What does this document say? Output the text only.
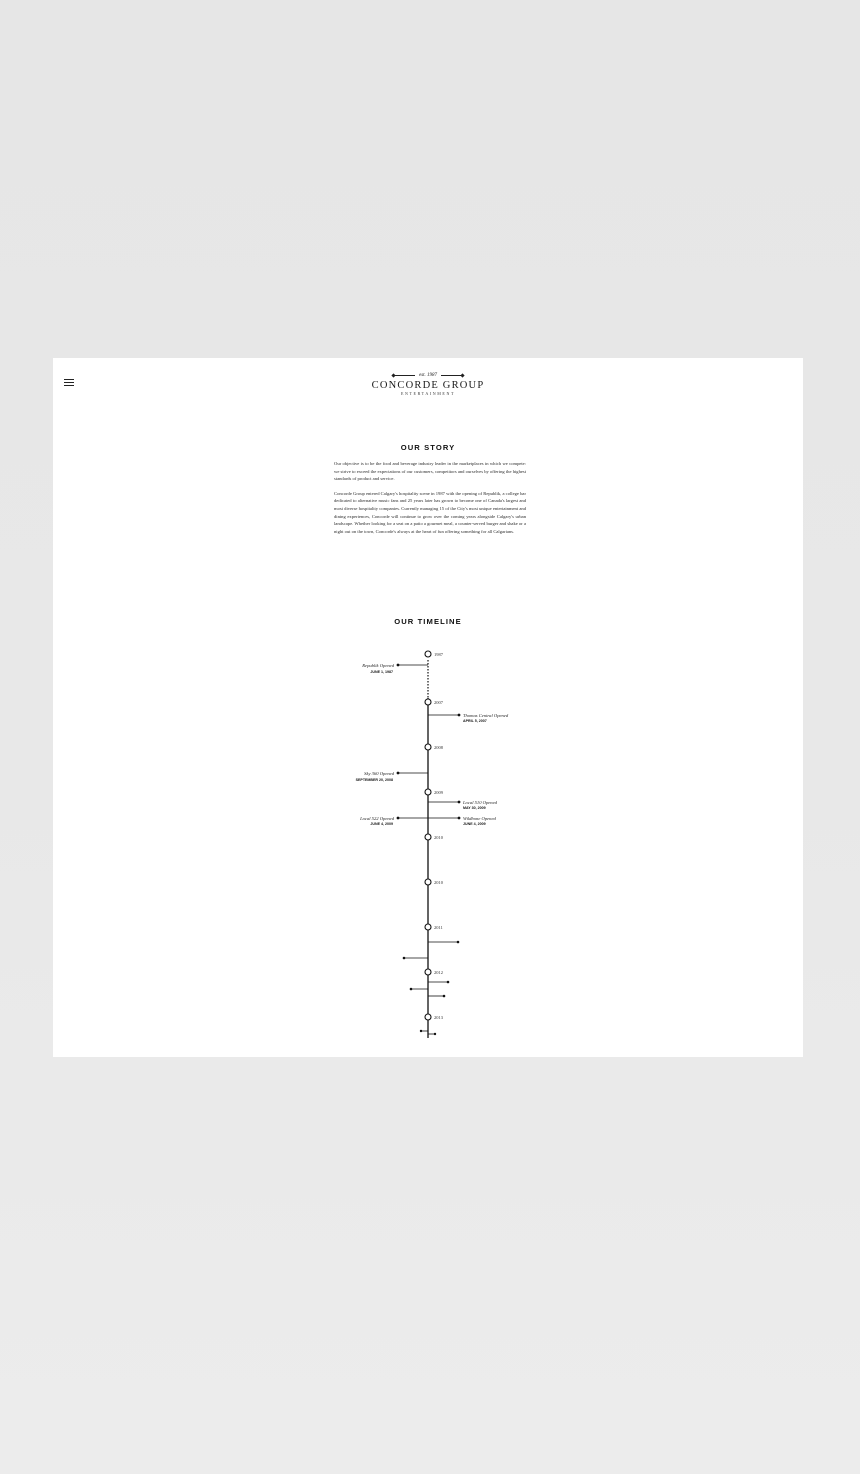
est. 1987
CONCORDE GROUP
ENTERTAINMENT
OUR STORY

Our objective is to be the food and beverage industry leader in the marketplaces in which we compete: we strive to exceed the expectations of our customers, competitors and ourselves by offering the highest standards of product and service.

Concorde Group entered Calgary's hospitality scene in 1987 with the opening of Republik, a college bar dedicated to alternative music fans and 25 years later has grown to become one of Canada's largest and most diverse hospitality companies. Currently managing 15 of the City's most unique entertainment and dining experiences, Concorde will continue to grow over the coming years alongside Calgary's urban landscape. Whether looking for a seat on a patio a gourmet meal, a counter-served burger and shake or a night out on the town, Concorde's always at the heart of fun offering something for all Calgarians.

OUR TIMELINE
1987
2007
2008
2009
2010
2010
2011
2012
2013
Republik Opened
JUNE 1, 1987
Thomas Central Opened
APRIL 5, 2007
Sky 360 Opened
SEPTEMBER 20, 2008
Local 510 Opened
MAY 30, 2009
Local 522 Opened
JUNE 4, 2009
Wildbone Opened
JUNE 4, 2009
